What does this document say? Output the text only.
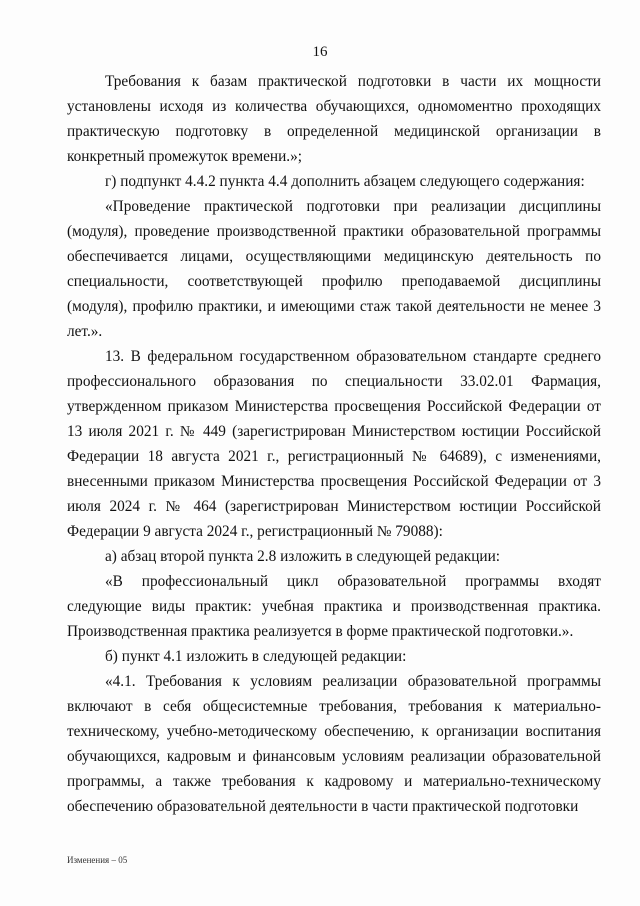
16

Требования к базам практической подготовки в части их мощности установлены исходя из количества обучающихся, одномоментно проходящих практическую подготовку в определенной медицинской организации в конкретный промежуток времени.»;

г) подпункт 4.4.2 пункта 4.4 дополнить абзацем следующего содержания:

«Проведение практической подготовки при реализации дисциплины (модуля), проведение производственной практики образовательной программы обеспечивается лицами, осуществляющими медицинскую деятельность по специальности, соответствующей профилю преподаваемой дисциплины (модуля), профилю практики, и имеющими стаж такой деятельности не менее 3 лет.».

13. В федеральном государственном образовательном стандарте среднего профессионального образования по специальности 33.02.01 Фармация, утвержденном приказом Министерства просвещения Российской Федерации от 13 июля 2021 г. № 449 (зарегистрирован Министерством юстиции Российской Федерации 18 августа 2021 г., регистрационный № 64689), с изменениями, внесенными приказом Министерства просвещения Российской Федерации от 3 июля 2024 г. № 464 (зарегистрирован Министерством юстиции Российской Федерации 9 августа 2024 г., регистрационный № 79088):

а) абзац второй пункта 2.8 изложить в следующей редакции:

«В профессиональный цикл образовательной программы входят следующие виды практик: учебная практика и производственная практика. Производственная практика реализуется в форме практической подготовки.».

б) пункт 4.1 изложить в следующей редакции:

«4.1. Требования к условиям реализации образовательной программы включают в себя общесистемные требования, требования к материально-техническому, учебно-методическому обеспечению, к организации воспитания обучающихся, кадровым и финансовым условиям реализации образовательной программы, а также требования к кадровому и материально-техническому обеспечению образовательной деятельности в части практической подготовки

Изменения – 05
